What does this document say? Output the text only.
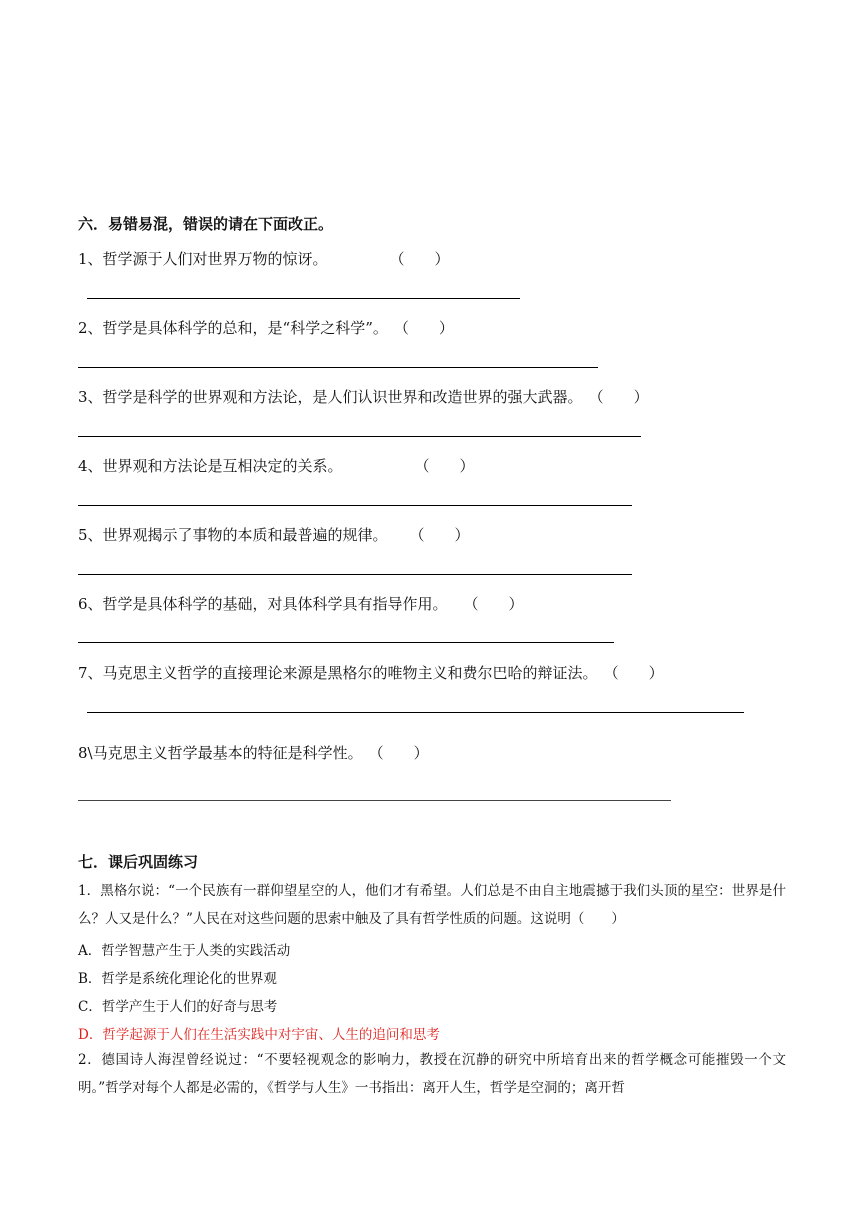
六．易错易混，错误的请在下面改正。
1、哲学源于人们对世界万物的惊讶。	（　　）
2、哲学是具体科学的总和，是“科学之科学”。 （　　）
3、哲学是科学的世界观和方法论，是人们认识世界和改造世界的强大武器。 （　　）
4、世界观和方法论是互相决定的关系。	（　　）
5、世界观揭示了事物的本质和最普遍的规律。 （　　）
6、哲学是具体科学的基础，对具体科学具有指导作用。 （　　）
7、马克思主义哲学的直接理论来源是黑格尔的唯物主义和费尔巴哈的辩证法。 （　　）
8\马克思主义哲学最基本的特征是科学性。 （　　）
七．课后巩固练习
1．黑格尔说：“一个民族有一群仰望星空的人，他们才有希望。人们总是不由自主地震撼于我们头顶的星空：世界是什么？人又是什么？”人民在对这些问题的思索中触及了具有哲学性质的问题。这说明（　　）
A．哲学智慧产生于人类的实践活动
B．哲学是系统化理论化的世界观
C．哲学产生于人们的好奇与思考
D．哲学起源于人们在生活实践中对宇宙、人生的追问和思考
2．德国诗人海涅曾经说过：“不要轻视观念的影响力，教授在沉静的研究中所培育出来的哲学概念可能摧毁一个文明。”哲学对每个人都是必需的，《哲学与人生》一书指出：离开人生，哲学是空洞的；离开哲
